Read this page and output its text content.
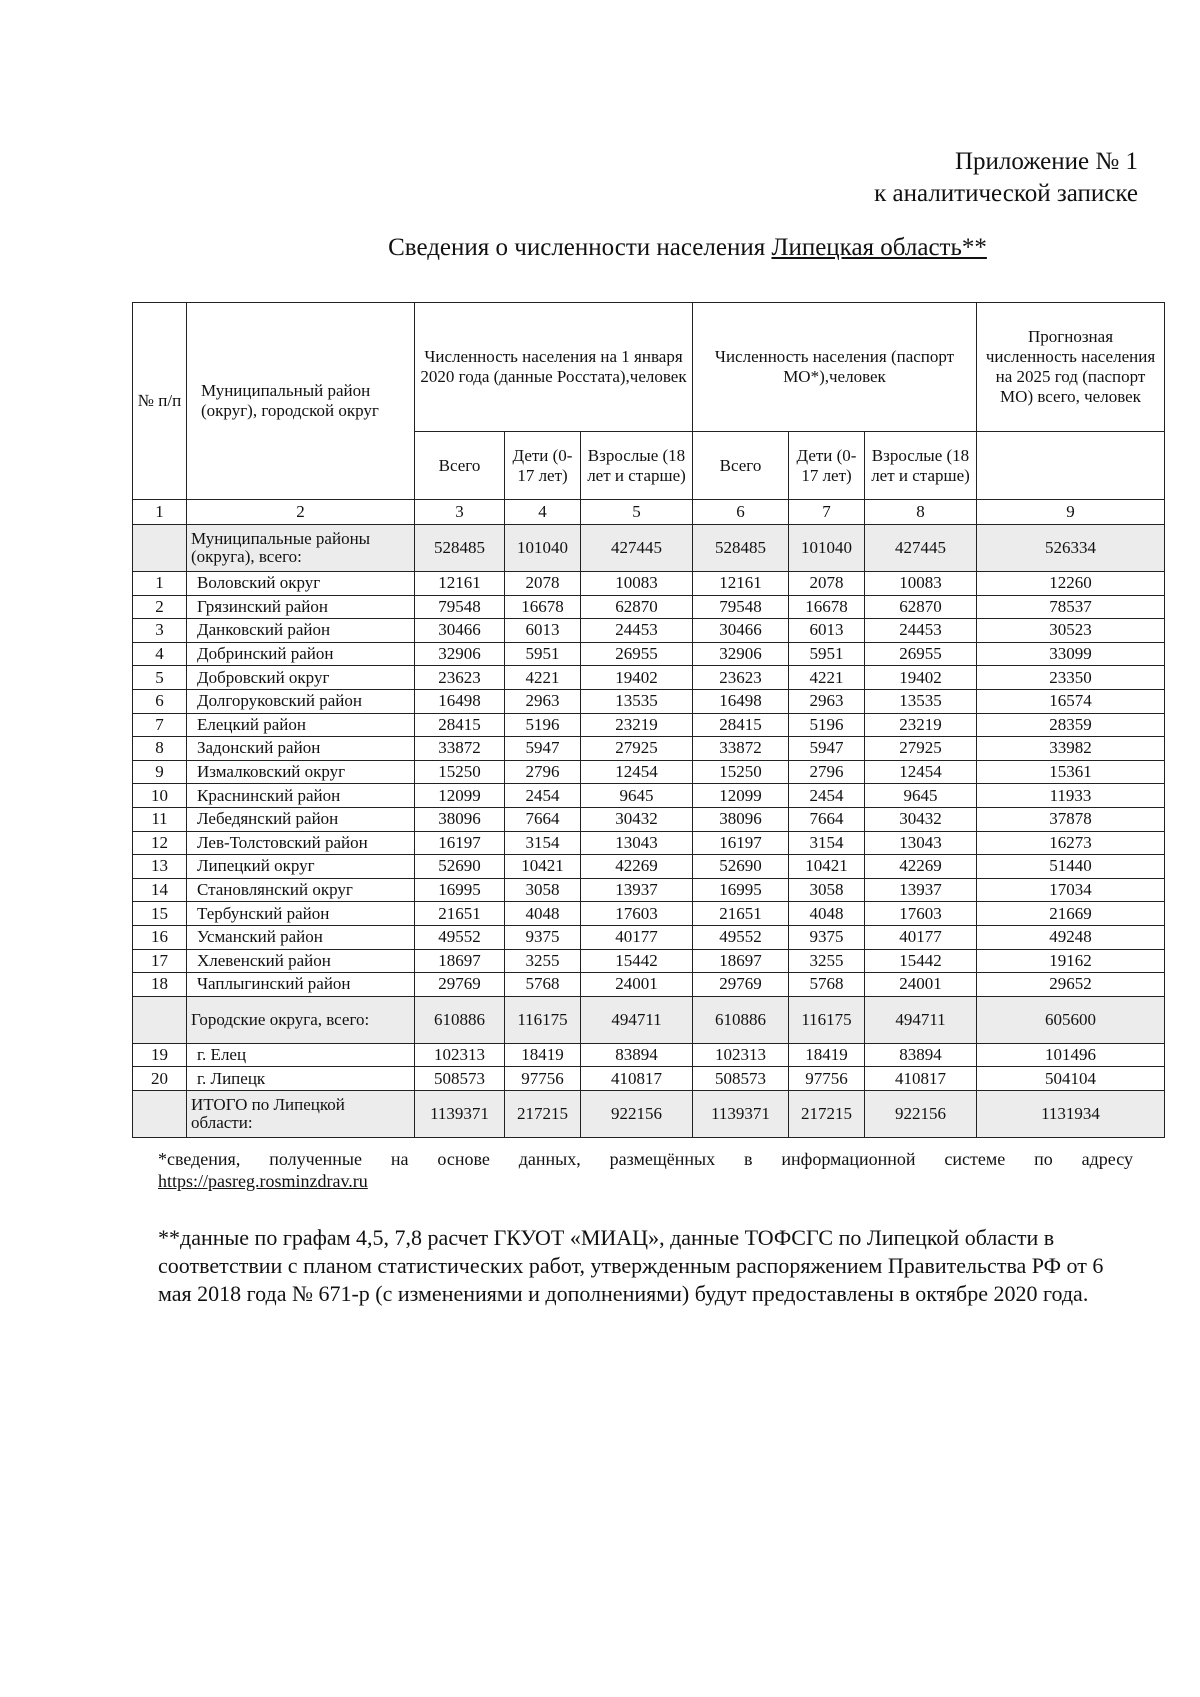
Приложение № 1
к аналитической записке
Сведения о численности населения Липецкая область**
№ п/п	Муниципальный район (округ), городской округ	Численность населения на 1 января 2020 года (данные Росстата),человек			Численность населения (паспорт МО*),человек			Прогнозная численность населения на 2025 год (паспорт МО) всего, человек
		Всего	Дети (0-17 лет)	Взрослые (18 лет и старше)	Всего	Дети (0-17 лет)	Взрослые (18 лет и старше)	
1	2	3	4	5	6	7	8	9
	Муниципальные районы (округа), всего:	528485	101040	427445	528485	101040	427445	526334
1	Воловский округ	12161	2078	10083	12161	2078	10083	12260
2	Грязинский район	79548	16678	62870	79548	16678	62870	78537
3	Данковский район	30466	6013	24453	30466	6013	24453	30523
4	Добринский район	32906	5951	26955	32906	5951	26955	33099
5	Добровский округ	23623	4221	19402	23623	4221	19402	23350
6	Долгоруковский район	16498	2963	13535	16498	2963	13535	16574
7	Елецкий район	28415	5196	23219	28415	5196	23219	28359
8	Задонский район	33872	5947	27925	33872	5947	27925	33982
9	Измалковский округ	15250	2796	12454	15250	2796	12454	15361
10	Краснинский район	12099	2454	9645	12099	2454	9645	11933
11	Лебедянский район	38096	7664	30432	38096	7664	30432	37878
12	Лев-Толстовский район	16197	3154	13043	16197	3154	13043	16273
13	Липецкий округ	52690	10421	42269	52690	10421	42269	51440
14	Становлянский округ	16995	3058	13937	16995	3058	13937	17034
15	Тербунский район	21651	4048	17603	21651	4048	17603	21669
16	Усманский район	49552	9375	40177	49552	9375	40177	49248
17	Хлевенский район	18697	3255	15442	18697	3255	15442	19162
18	Чаплыгинский район	29769	5768	24001	29769	5768	24001	29652
	Городские округа, всего:	610886	116175	494711	610886	116175	494711	605600
19	г. Елец	102313	18419	83894	102313	18419	83894	101496
20	г. Липецк	508573	97756	410817	508573	97756	410817	504104
	ИТОГО по Липецкой области:	1139371	217215	922156	1139371	217215	922156	1131934
*сведения, полученные на основе данных, размещённых в информационной системе по адресу
https://pasreg.rosminzdrav.ru
**данные по графам 4,5, 7,8 расчет ГКУОТ «МИАЦ», данные ТОФСГС по Липецкой области в соответствии с планом статистических работ, утвержденным распоряжением Правительства РФ от 6 мая 2018 года № 671-р (с изменениями и дополнениями) будут предоставлены в октябре 2020 года.
